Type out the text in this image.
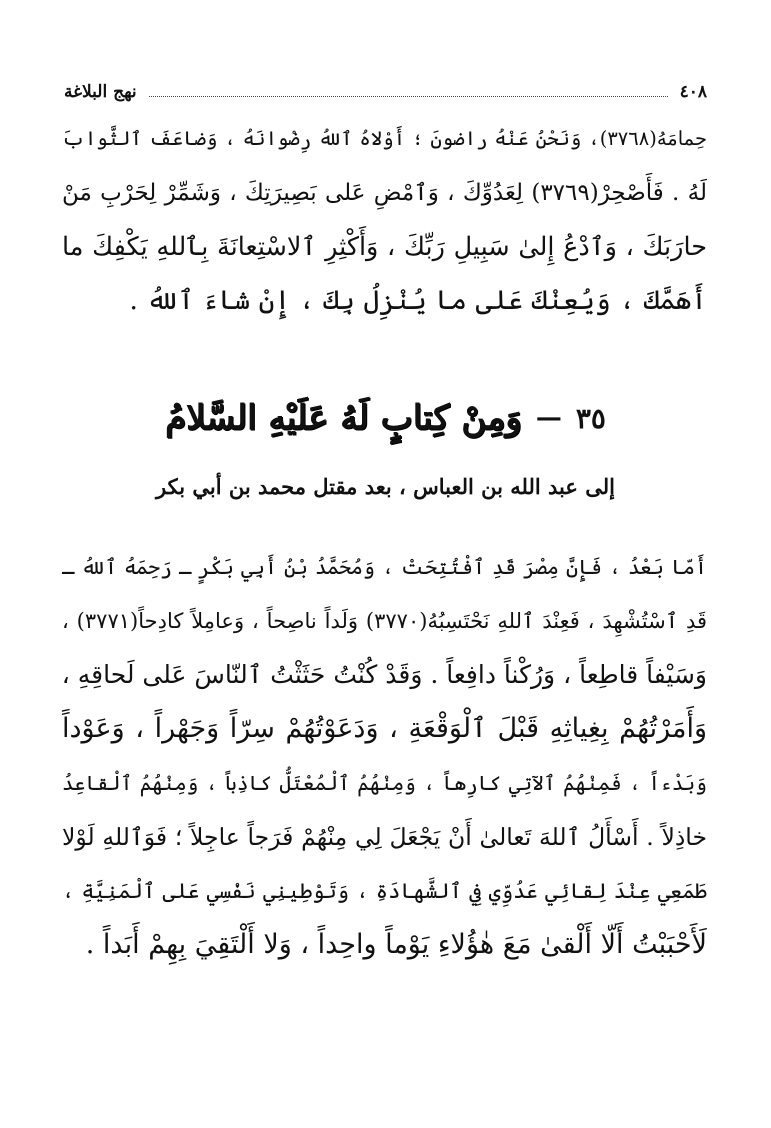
٤٠٨
نهج البلاغة

حِمامَهُ(٣٧٦٨)، وَنَحْنُ عَنْهُ راضونَ ؛ أَوْلاهُ ٱللهُ رِضْوانَهُ ، وَضاعَفَ ٱلثَّوابَ
لَهُ . فَأَصْحِرْ(٣٧٦٩) لِعَدُوِّكَ ، وَٱمْضِ عَلى بَصِيرَتِكَ ، وَشَمِّرْ لِحَرْبِ مَنْ
حارَبَكَ ، وَٱدْعُ إِلىٰ سَبِيلِ رَبِّكَ ، وَأَكْثِرِ ٱلاسْتِعانَةَ بِٱللهِ يَكْفِكَ ما
أَهَمَّكَ ، وَيُعِنْكَ عَلى ما يُنْزِلُ بِكَ ، إِنْ شاءَ ٱللهُ .

٣٥
—
وَمِنْ كِتابٍ لَهُ عَلَيْهِ السَّلامُ
إلى عبد الله بن العباس ، بعد مقتل محمد بن أبي بكر

أَمّا بَعْدُ ، فَإِنَّ مِصْرَ قَدِ ٱفْتُتِحَتْ ، وَمُحَمَّدُ بْنُ أَبِي بَكْرٍ ـ رَحِمَهُ ٱللهُ ـ
قَدِ ٱسْتُشْهِدَ ، فَعِنْدَ ٱللهِ نَحْتَسِبُهُ(٣٧٧٠) وَلَداً ناصِحاً ، وَعامِلاً كادِحاً(٣٧٧١) ،
وَسَيْفاً قاطِعاً ، وَرُكْناً دافِعاً . وَقَدْ كُنْتُ حَثَثْتُ ٱلنّاسَ عَلى لَحاقِهِ ،
وَأَمَرْتُهُمْ بِغِياثِهِ قَبْلَ ٱلْوَقْعَةِ ، وَدَعَوْتُهُمْ سِرّاً وَجَهْراً ، وَعَوْداً
وَبَدْءاً ، فَمِنْهُمُ ٱلآتِي كارِهاً ، وَمِنْهُمُ ٱلْمُعْتَلُّ كاذِباً ، وَمِنْهُمُ ٱلْقاعِدُ
خاذِلاً . أَسْأَلُ ٱللهَ تَعالىٰ أَنْ يَجْعَلَ لِي مِنْهُمْ فَرَجاً عاجِلاً ؛ فَوَٱللهِ لَوْلا
طَمَعِي عِنْدَ لِقائِي عَدُوِّي فِي ٱلشَّهادَةِ ، وَتَوْطِينِي نَفْسِي عَلى ٱلْمَنِيَّةِ ،
لَأَحْبَبْتُ أَلّا أَلْقىٰ مَعَ هٰؤُلاءِ يَوْماً واحِداً ، وَلا أَلْتَقِيَ بِهِمْ أَبَداً .
